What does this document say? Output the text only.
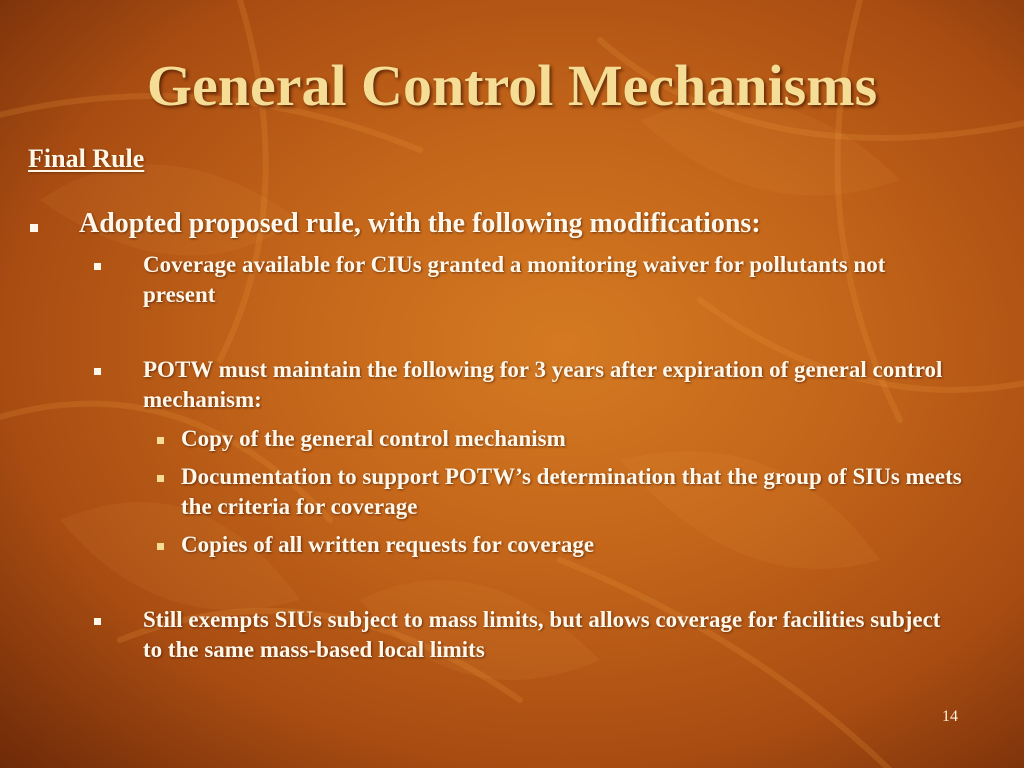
General Control Mechanisms
Final Rule
Adopted proposed rule, with the following modifications:
Coverage available for CIUs granted a monitoring waiver for pollutants not present
POTW must maintain the following for 3 years after expiration of general control mechanism:
Copy of the general control mechanism
Documentation to support POTW’s determination that the group of SIUs meets the criteria for coverage
Copies of all written requests for coverage
Still exempts SIUs subject to mass limits, but allows coverage for facilities subject to the same mass-based local limits
14
